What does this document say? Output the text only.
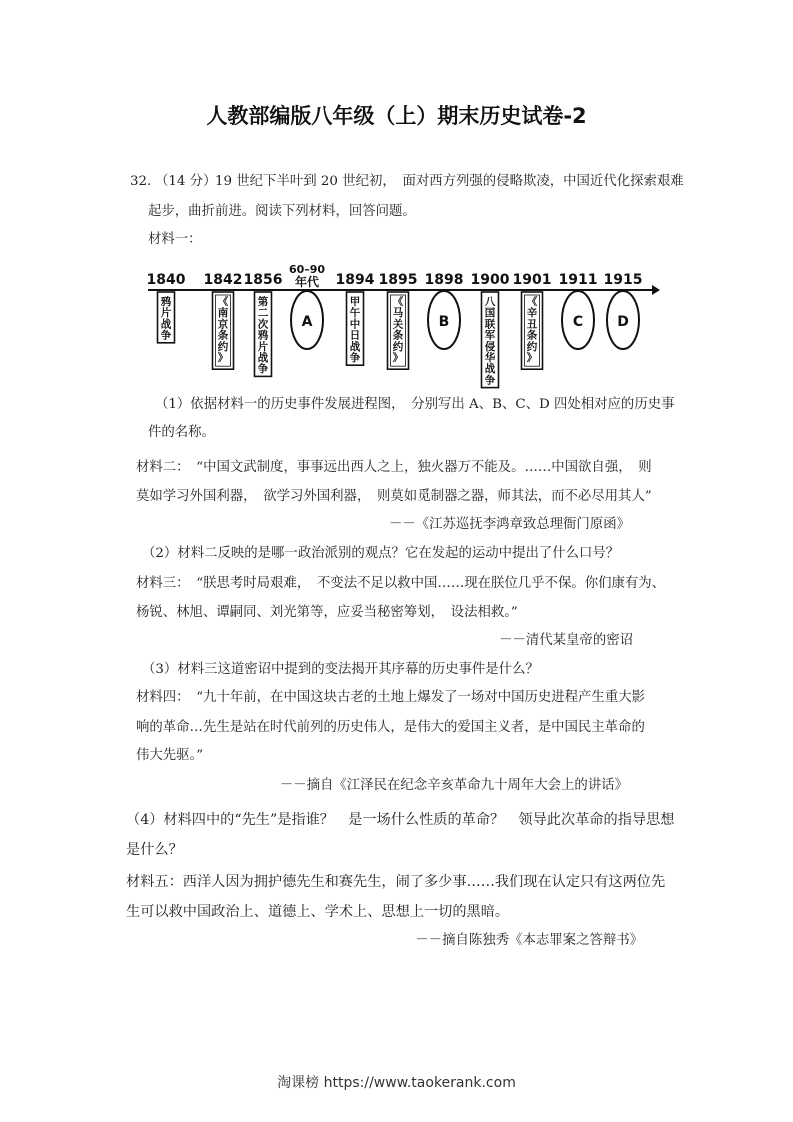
人教部编版八年级（上）期末历史试卷-2
32. （14 分）
19 世纪下半叶到 20 世纪初，　面对西方列强的侵略欺凌，中国近代化探索艰难
起步，曲折前进。阅读下列材料，回答问题。
材料一：
1840 1842 1856
60–90
年代 1894 1895 1898 1900 1901 1911 1915
鸦
片
战
争
《
南
京
条
约
》
第
二
次
鸦
片
战
争
A
甲
午
中
日
战
争
《
马
关
条
约
》
B
八
国
联
军
侵
华
战
争
《
辛
丑
条
约
》
C D
（1）依据材料一的历史事件发展进程图，　分别写出 A、B、C、D 四处相对应的历史事
件的名称。
材料二：　“中国文武制度，事事远出西人之上，独火器万不能及。……中国欲自强，　则
莫如学习外国利器，　欲学习外国利器，　则莫如觅制器之器，师其法，而不必尽用其人”
－－《江苏巡抚李鸿章致总理衙门原函》
（2）材料二反映的是哪一政治派别的观点？它在发起的运动中提出了什么口号？
材料三：　“朕思考时局艰难，　不变法不足以救中国……现在朕位几乎不保。你们康有为、
杨锐、林旭、谭嗣同、刘光第等，应妥当秘密筹划，　设法相救。”
－－清代某皇帝的密诏
（3）材料三这道密诏中提到的变法揭开其序幕的历史事件是什么？
材料四：　“九十年前，在中国这块古老的土地上爆发了一场对中国历史进程产生重大影
响的革命…先生是站在时代前列的历史伟人，是伟大的爱国主义者，是中国民主革命的
伟大先驱。”
－－摘自《江泽民在纪念辛亥革命九十周年大会上的讲话》
（4）材料四中的“先生”是指谁？　是一场什么性质的革命？　领导此次革命的指导思想
是什么？
材料五：西洋人因为拥护德先生和赛先生，闹了多少事……我们现在认定只有这两位先
生可以救中国政治上、道德上、学术上、思想上一切的黑暗。
－－摘自陈独秀《本志罪案之答辩书》
淘课榜 https://www.taokerank.com
